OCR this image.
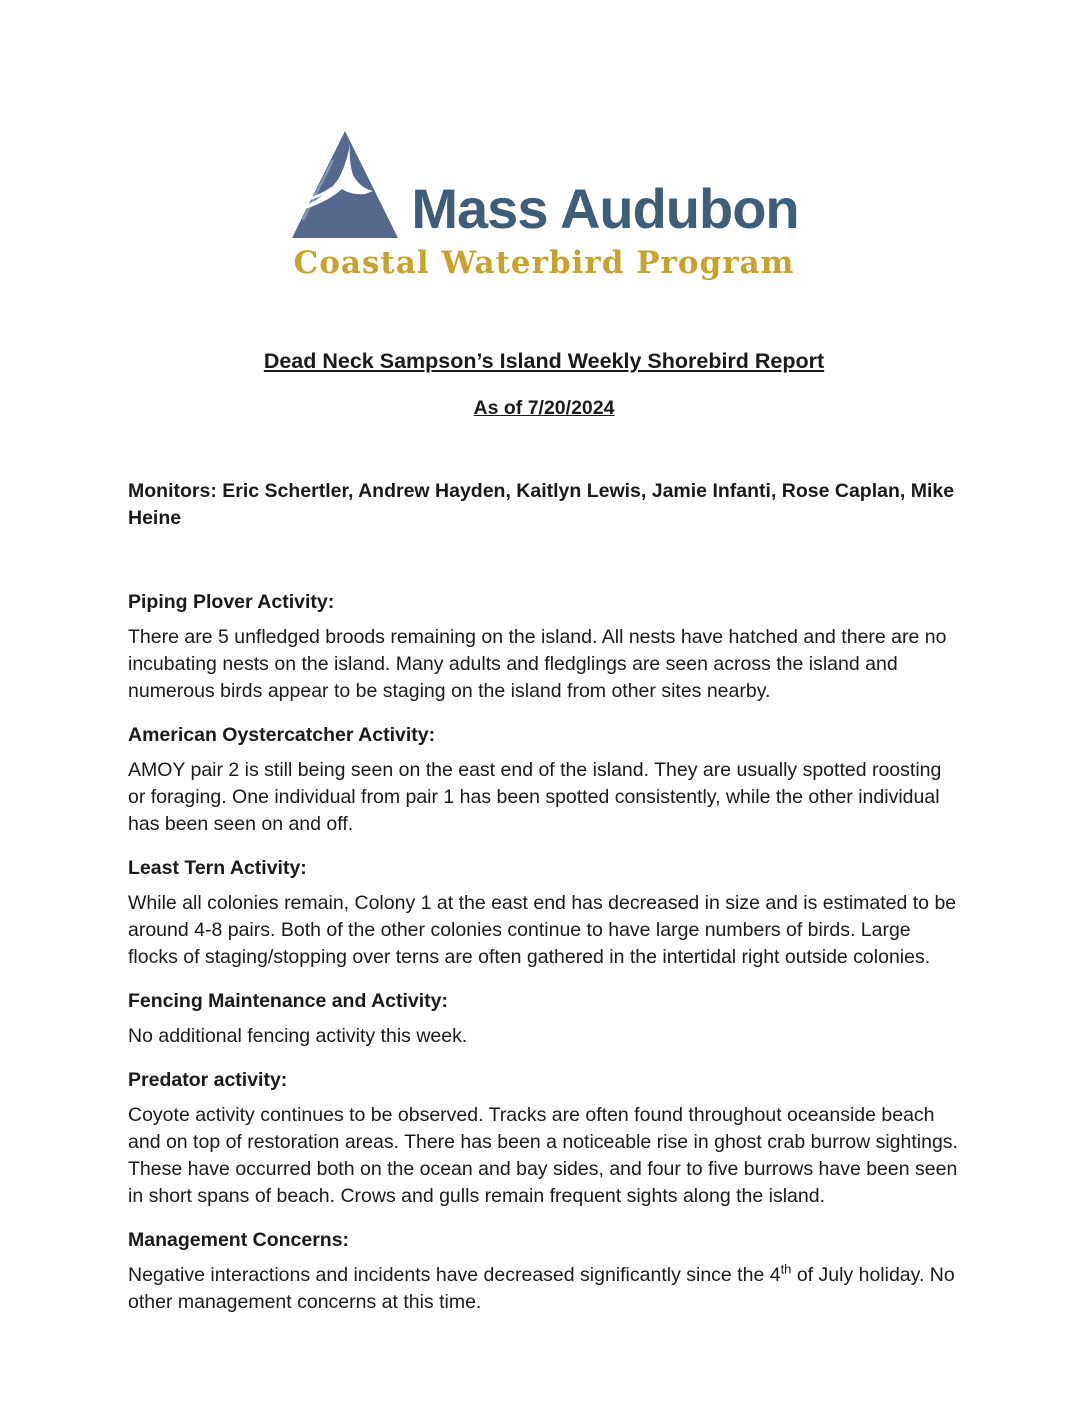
Mass Audubon
Coastal Waterbird Program
Dead Neck Sampson’s Island Weekly Shorebird Report
As of 7/20/2024
Monitors: Eric Schertler, Andrew Hayden, Kaitlyn Lewis, Jamie Infanti, Rose Caplan, Mike Heine
Piping Plover Activity:

There are 5 unfledged broods remaining on the island. All nests have hatched and there are no incubating nests on the island. Many adults and fledglings are seen across the island and numerous birds appear to be staging on the island from other sites nearby.

American Oystercatcher Activity:

AMOY pair 2 is still being seen on the east end of the island. They are usually spotted roosting or foraging. One individual from pair 1 has been spotted consistently, while the other individual has been seen on and off.

Least Tern Activity:

While all colonies remain, Colony 1 at the east end has decreased in size and is estimated to be around 4-8 pairs. Both of the other colonies continue to have large numbers of birds. Large flocks of staging/stopping over terns are often gathered in the intertidal right outside colonies.

Fencing Maintenance and Activity:

No additional fencing activity this week.

Predator activity:

Coyote activity continues to be observed. Tracks are often found throughout oceanside beach and on top of restoration areas. There has been a noticeable rise in ghost crab burrow sightings. These have occurred both on the ocean and bay sides, and four to five burrows have been seen in short spans of beach. Crows and gulls remain frequent sights along the island.

Management Concerns:

Negative interactions and incidents have decreased significantly since the 4th of July holiday. No other management concerns at this time.
